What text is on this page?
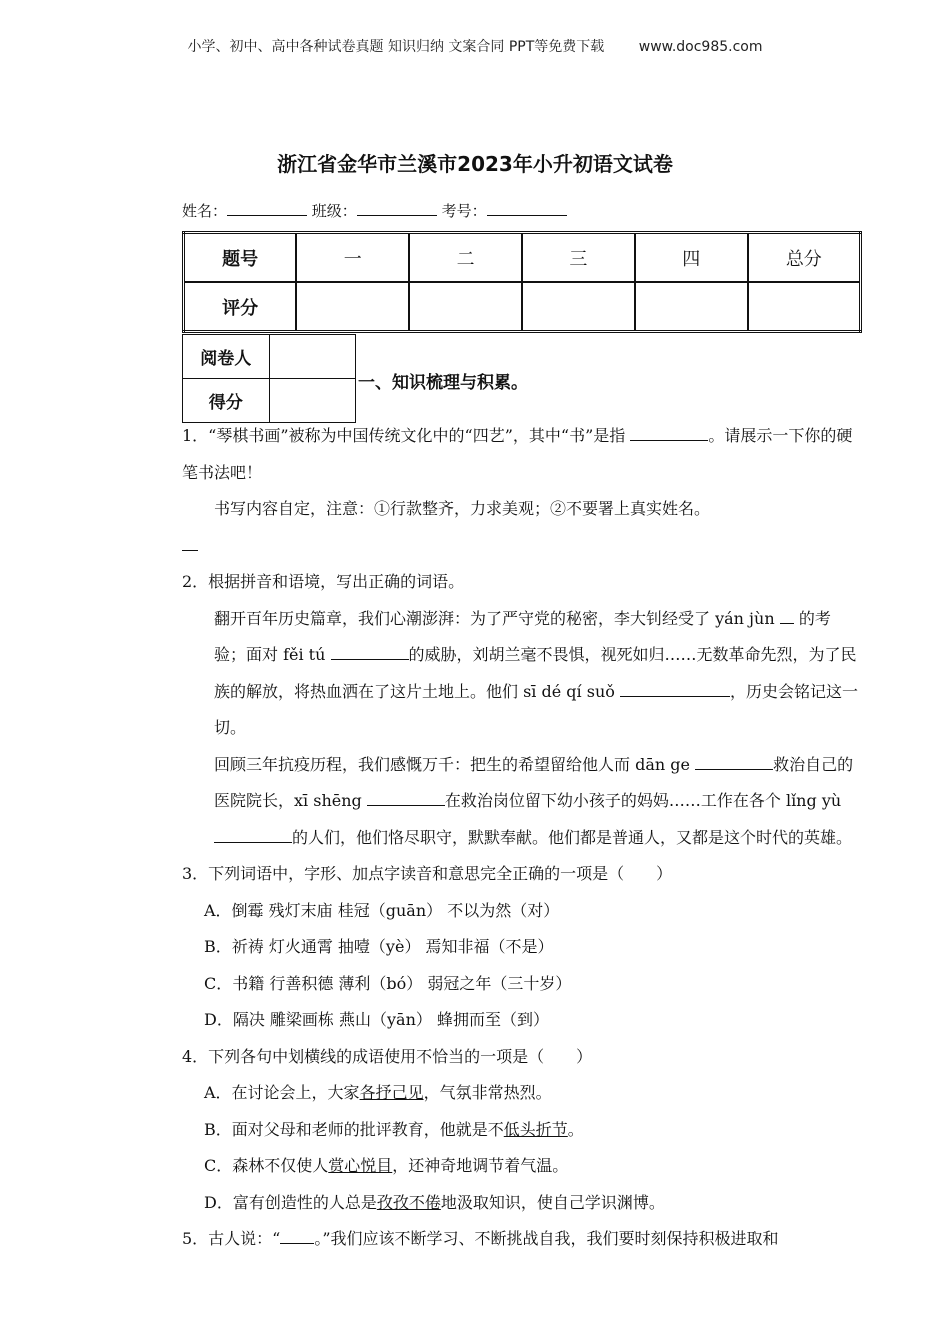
小学、初中、高中各种试卷真题 知识归纳 文案合同 PPT等免费下载 www.doc985.com
浙江省金华市兰溪市2023年小升初语文试卷
姓名：	班级：	考号：
题号	一	二	三	四	总分
评分					
阅卷人	
得分	
一、知识梳理与积累。

1．“琴棋书画”被称为中国传统文化中的“四艺”，其中“书”是指	。请展示一下你的硬笔书法吧！

书写内容自定，注意：①行款整齐，力求美观；②不要署上真实姓名。

2．根据拼音和语境，写出正确的词语。

翻开百年历史篇章，我们心潮澎湃：为了严守党的秘密，李大钊经受了 yán jùn 的考验；面对 fěi tú	的威胁，刘胡兰毫不畏惧，视死如归……无数革命先烈，为了民族的解放，将热血洒在了这片土地上。他们 sī dé qí suǒ	，历史会铭记这一切。

回顾三年抗疫历程，我们感慨万千：把生的希望留给他人而 dān ge	救治自己的医院院长，xī shēng	在救治岗位留下幼小孩子的妈妈……工作在各个 lǐng yù 的人们，他们恪尽职守，默默奉献。他们都是普通人，又都是这个时代的英雄。

3．下列词语中，字形、加点字读音和意思完全正确的一项是（　　）

A．倒霉 残灯末庙 桂冠（guān） 不以为然（对）

B．祈祷 灯火通霄 抽噎（yè） 焉知非福（不是）

C．书籍 行善积德 薄利（bó） 弱冠之年（三十岁）

D．隔决 雕梁画栋 燕山（yān） 蜂拥而至（到）

4．下列各句中划横线的成语使用不恰当的一项是（　　）

A．在讨论会上，大家各抒己见，气氛非常热烈。

B．面对父母和老师的批评教育，他就是不低头折节。

C．森林不仅使人赏心悦目，还神奇地调节着气温。

D．富有创造性的人总是孜孜不倦地汲取知识，使自己学识渊博。

5．古人说：“ 。”我们应该不断学习、不断挑战自我，我们要时刻保持积极进取和
